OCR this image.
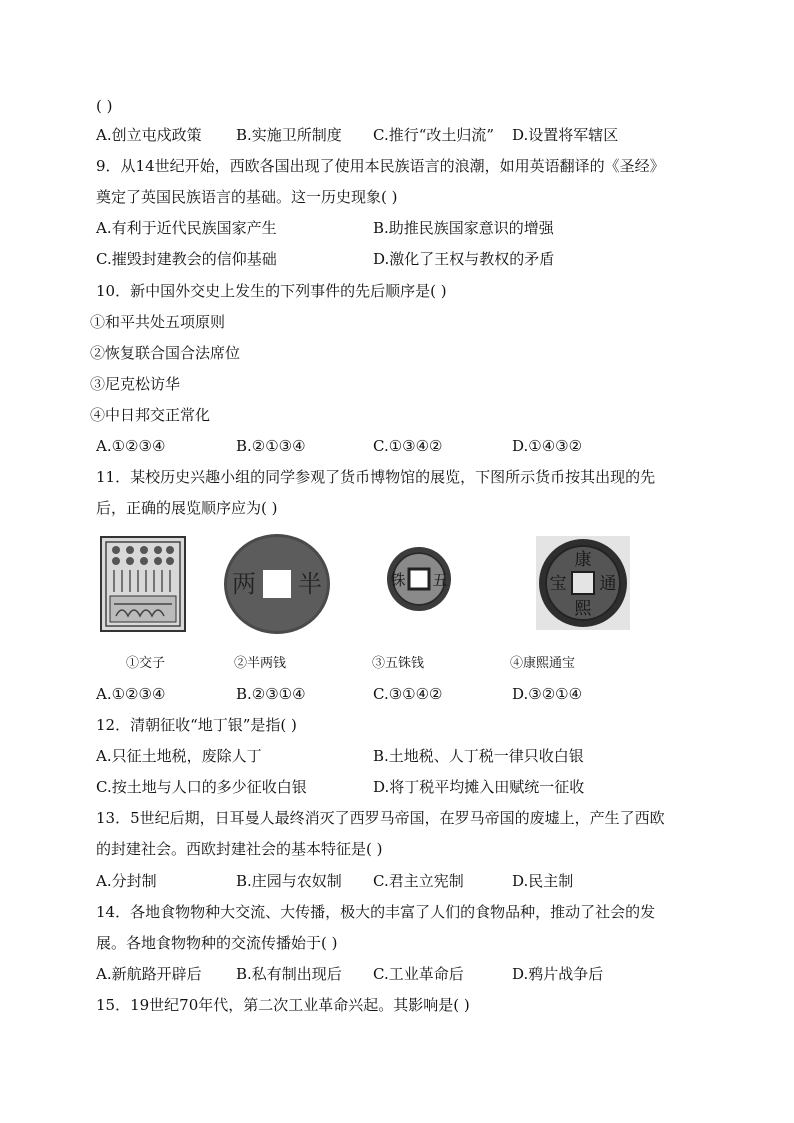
( )
A.创立屯戍政策 B.实施卫所制度 C.推行“改土归流” D.设置将军辖区
9．从14世纪开始，西欧各国出现了使用本民族语言的浪潮，如用英语翻译的《圣经》
奠定了英国民族语言的基础。这一历史现象( )
A.有利于近代民族国家产生	B.助推民族国家意识的增强
C.摧毁封建教会的信仰基础	D.激化了王权与教权的矛盾
10．新中国外交史上发生的下列事件的先后顺序是( )
①和平共处五项原则
②恢复联合国合法席位
③尼克松访华
④中日邦交正常化
A.①②③④	B.②①③④	C.①③④②	D.①④③②
11．某校历史兴趣小组的同学参观了货币博物馆的展览，下图所示货币按其出现的先
后，正确的展览顺序应为( )
半
两	五
铢
康
熙
通
宝
①交子	②半两钱	③五铢钱	④康熙通宝
A.①②③④	B.②③①④	C.③①④②	D.③②①④
12．清朝征收“地丁银”是指( )
A.只征土地税，废除人丁	B.土地税、人丁税一律只收白银
C.按土地与人口的多少征收白银	D.将丁税平均摊入田赋统一征收
13．5世纪后期，日耳曼人最终消灭了西罗马帝国，在罗马帝国的废墟上，产生了西欧
的封建社会。西欧封建社会的基本特征是( )
A.分封制	B.庄园与农奴制 C.君主立宪制	D.民主制
14．各地食物物种大交流、大传播，极大的丰富了人们的食物品种，推动了社会的发
展。各地食物物种的交流传播始于( )
A.新航路开辟后 B.私有制出现后 C.工业革命后	D.鸦片战争后
15．19世纪70年代，第二次工业革命兴起。其影响是( )
